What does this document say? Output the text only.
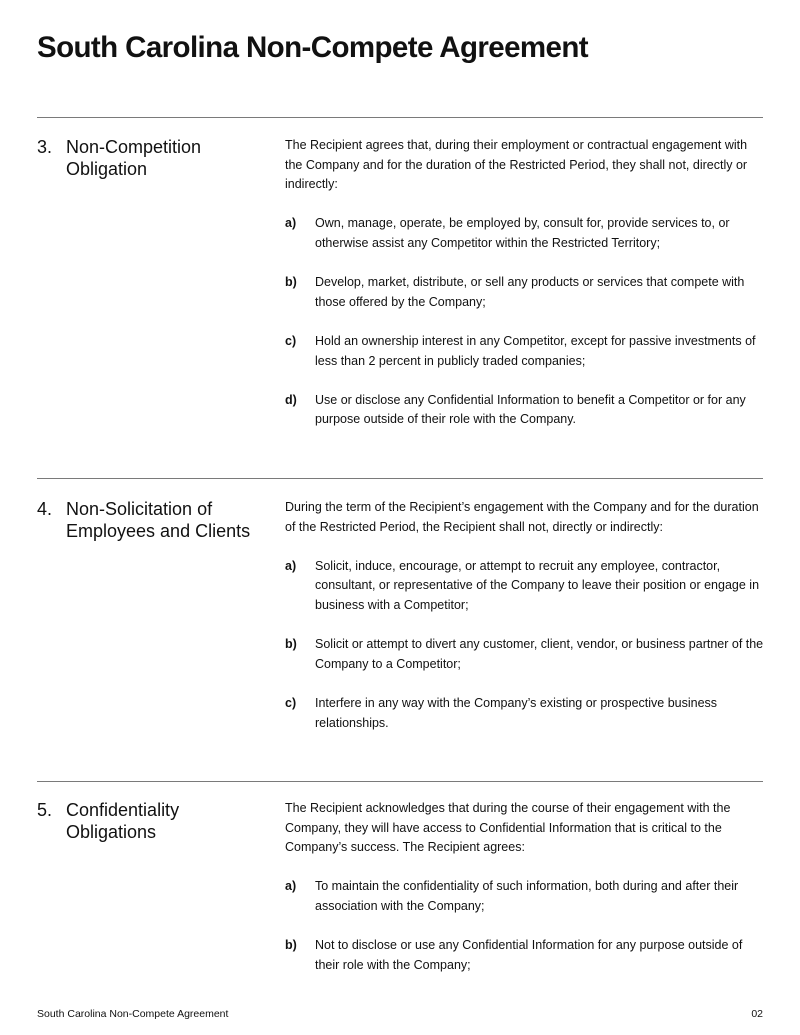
South Carolina Non-Compete Agreement
3. Non-Competition Obligation

The Recipient agrees that, during their employment or contractual engagement with the Company and for the duration of the Restricted Period, they shall not, directly or indirectly:

a) Own, manage, operate, be employed by, consult for, provide services to, or otherwise assist any Competitor within the Restricted Territory;
b) Develop, market, distribute, or sell any products or services that compete with those offered by the Company;
c) Hold an ownership interest in any Competitor, except for passive investments of less than 2 percent in publicly traded companies;
d) Use or disclose any Confidential Information to benefit a Competitor or for any purpose outside of their role with the Company.
4. Non-Solicitation of Employees and Clients

During the term of the Recipient’s engagement with the Company and for the duration of the Restricted Period, the Recipient shall not, directly or indirectly:

a) Solicit, induce, encourage, or attempt to recruit any employee, contractor, consultant, or representative of the Company to leave their position or engage in business with a Competitor;
b) Solicit or attempt to divert any customer, client, vendor, or business partner of the Company to a Competitor;
c) Interfere in any way with the Company’s existing or prospective business relationships.
5. Confidentiality Obligations

The Recipient acknowledges that during the course of their engagement with the Company, they will have access to Confidential Information that is critical to the Company’s success. The Recipient agrees:

a) To maintain the confidentiality of such information, both during and after their association with the Company;
b) Not to disclose or use any Confidential Information for any purpose outside of their role with the Company;
South Carolina Non-Compete Agreement	02
